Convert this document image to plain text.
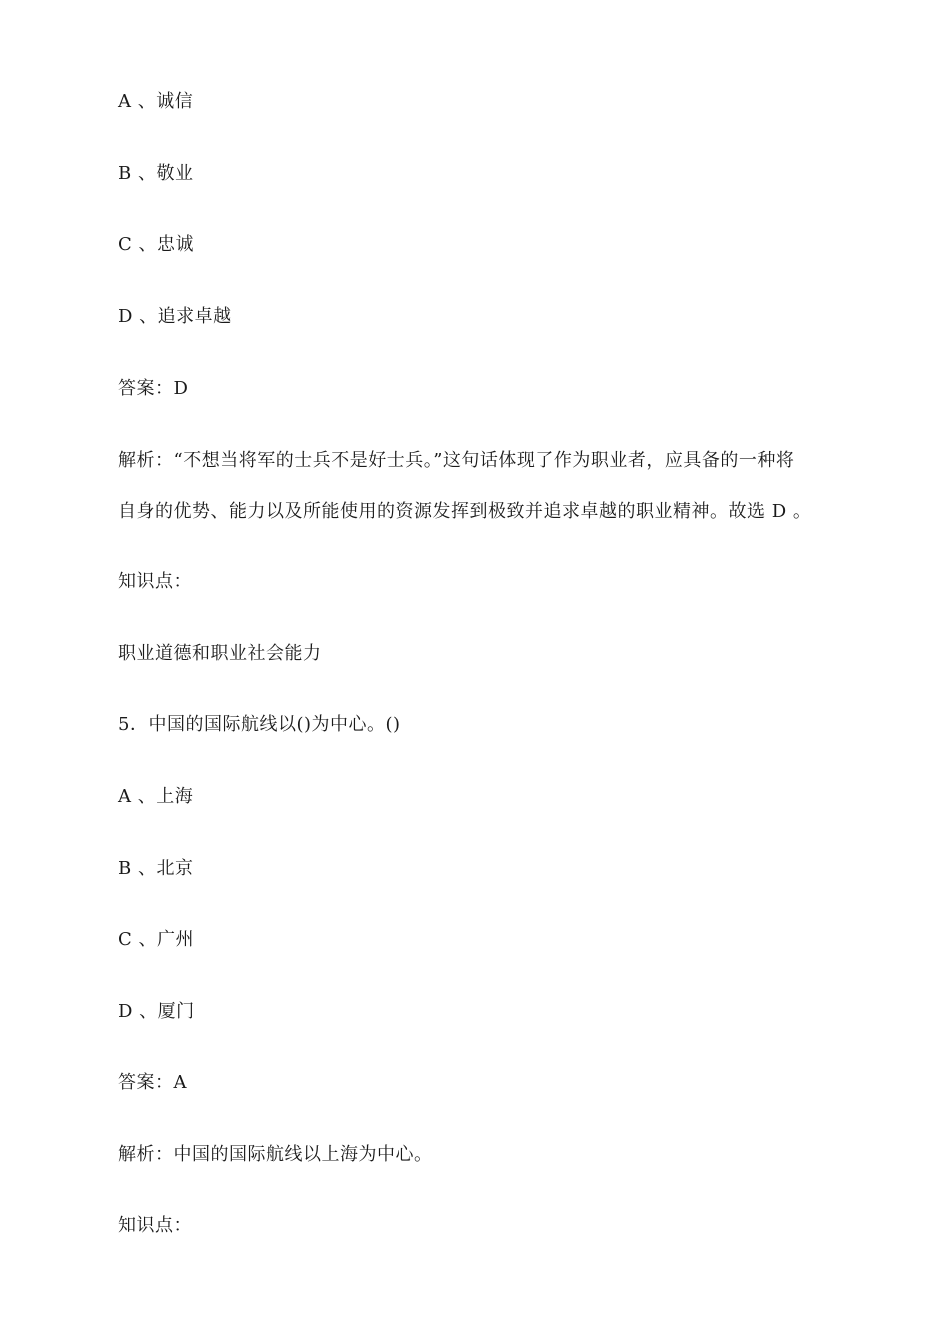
A 、诚信
B 、敬业
C 、忠诚
D 、追求卓越
答案：D
解析：“不想当将军的士兵不是好士兵。”这句话体现了作为职业者，应具备的一种将
自身的优势、能力以及所能使用的资源发挥到极致并追求卓越的职业精神。故选 D 。
知识点：
职业道德和职业社会能力
5．中国的国际航线以()为中心。()
A 、上海
B 、北京
C 、广州
D 、厦门
答案：A
解析：中国的国际航线以上海为中心。
知识点：
